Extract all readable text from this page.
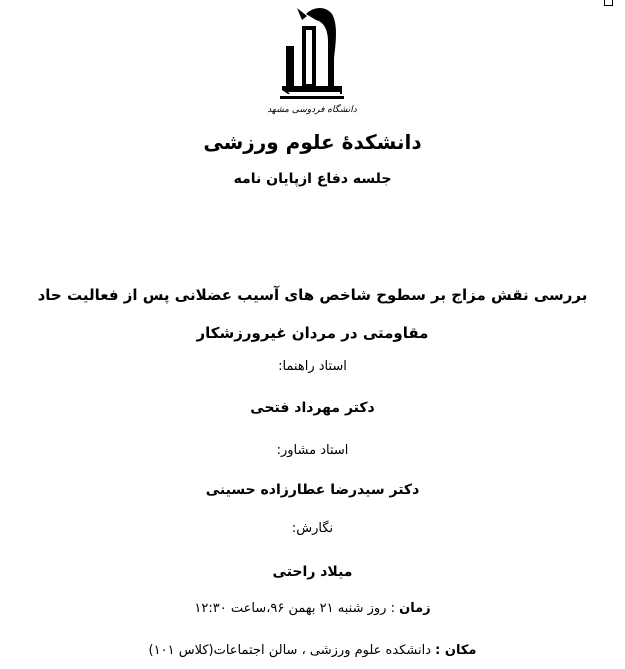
دانشگاه فردوسی مشهد
دانشکدهٔ علوم ورزشی
جلسه دفاع ازپایان نامه
بررسی نقش مزاج بر سطوح شاخص های آسیب عضلانی پس از فعالیت حاد مقاومتی در مردان غیرورزشکار
استاد راهنما:
دکتر مهرداد فتحی
استاد مشاور:
دکتر سیدرضا عطارزاده حسینی
نگارش:
میلاد راحتی
زمان : روز شنبه ۲۱ بهمن ۹۶،ساعت ۱۲:۳۰
مکان : دانشکده علوم ورزشی ، سالن اجتماعات(کلاس ۱۰۱)
